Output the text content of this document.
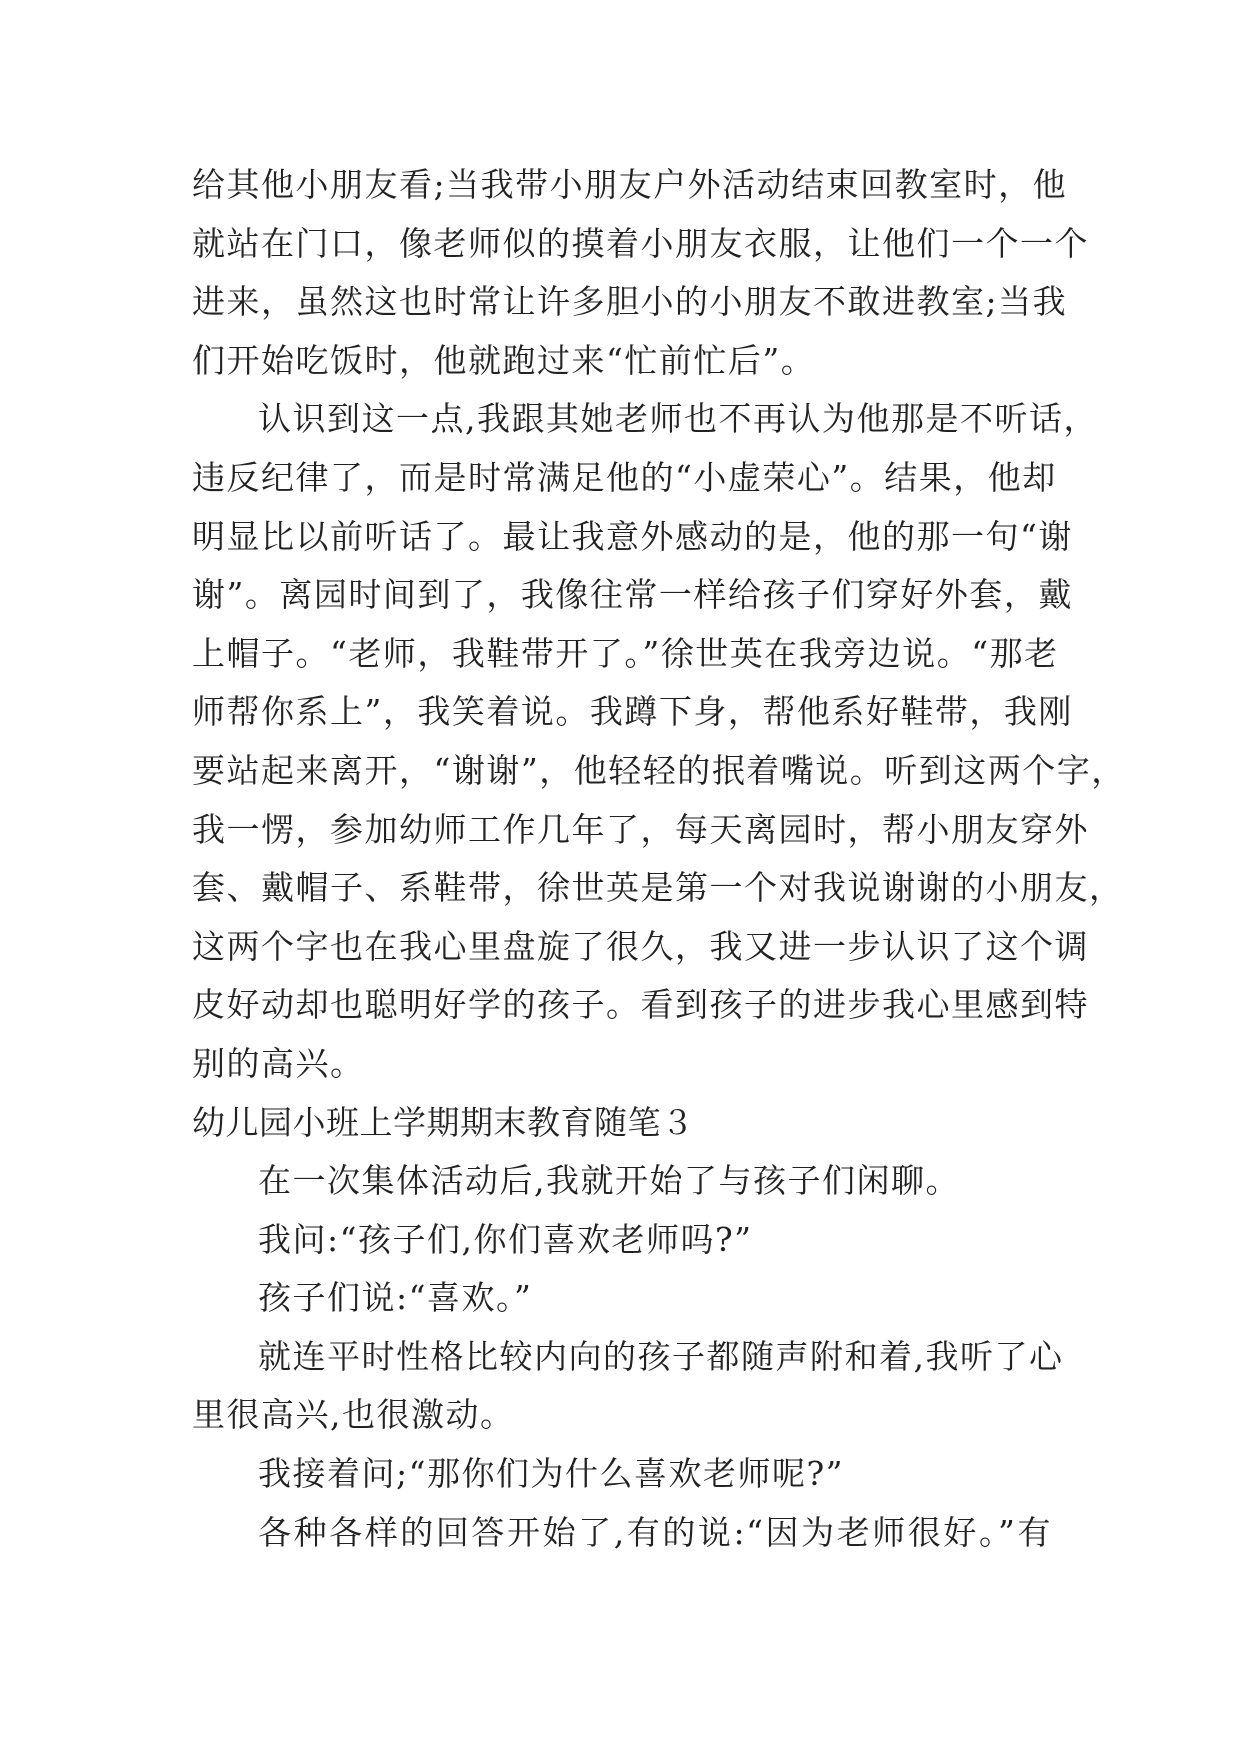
给其他小朋友看;当我带小朋友户外活动结束回教室时，他
就站在门口，像老师似的摸着小朋友衣服，让他们一个一个
进来，虽然这也时常让许多胆小的小朋友不敢进教室;当我
们开始吃饭时，他就跑过来“忙前忙后”。
认识到这一点,我跟其她老师也不再认为他那是不听话，
违反纪律了，而是时常满足他的“小虚荣心”。结果，他却
明显比以前听话了。最让我意外感动的是，他的那一句“谢
谢”。离园时间到了，我像往常一样给孩子们穿好外套，戴
上帽子。“老师，我鞋带开了。”徐世英在我旁边说。“那老
师帮你系上”，我笑着说。我蹲下身，帮他系好鞋带，我刚
要站起来离开，“谢谢”，他轻轻的抿着嘴说。听到这两个字，
我一愣，参加幼师工作几年了，每天离园时，帮小朋友穿外
套、戴帽子、系鞋带，徐世英是第一个对我说谢谢的小朋友，
这两个字也在我心里盘旋了很久，我又进一步认识了这个调
皮好动却也聪明好学的孩子。看到孩子的进步我心里感到特
别的高兴。
幼儿园小班上学期期末教育随笔３
在一次集体活动后,我就开始了与孩子们闲聊。
我问:“孩子们,你们喜欢老师吗?”
孩子们说:“喜欢。”
就连平时性格比较内向的孩子都随声附和着,我听了心
里很高兴,也很激动。
我接着问;“那你们为什么喜欢老师呢?”
各种各样的回答开始了,有的说:“因为老师很好。”有
